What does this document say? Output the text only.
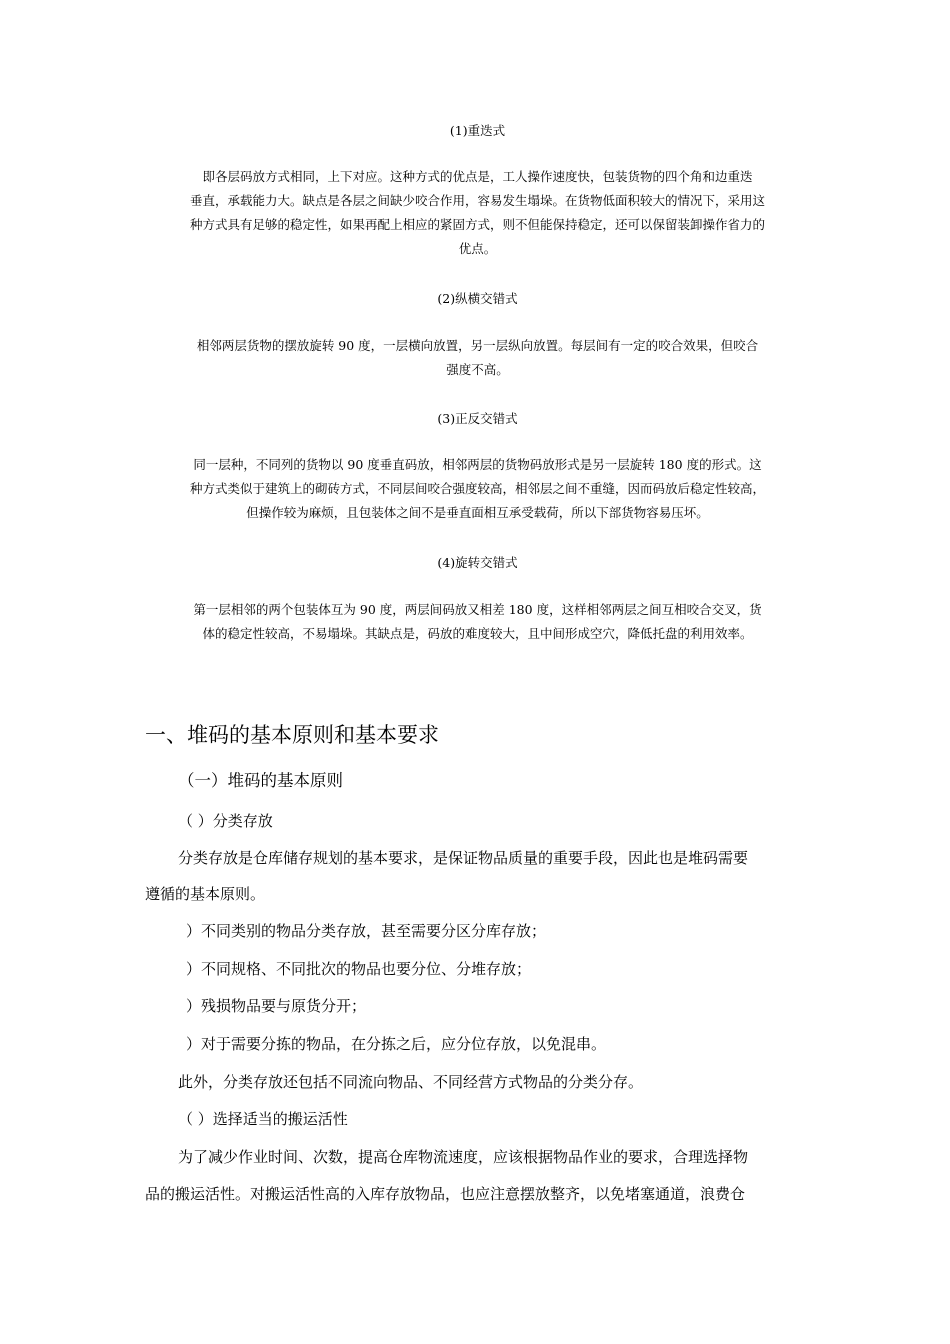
(1)重迭式
即各层码放方式相同，上下对应。这种方式的优点是，工人操作速度快，包装货物的四个角和边重迭
垂直，承载能力大。缺点是各层之间缺少咬合作用，容易发生塌垛。在货物低面积较大的情况下，采用这
种方式具有足够的稳定性，如果再配上相应的紧固方式，则不但能保持稳定，还可以保留装卸操作省力的
优点。
(2)纵横交错式
相邻两层货物的摆放旋转 90 度，一层横向放置，另一层纵向放置。每层间有一定的咬合效果，但咬合
强度不高。
(3)正反交错式
同一层种，不同列的货物以 90 度垂直码放，相邻两层的货物码放形式是另一层旋转 180 度的形式。这
种方式类似于建筑上的砌砖方式，不同层间咬合强度较高，相邻层之间不重缝，因而码放后稳定性较高，
但操作较为麻烦，且包装体之间不是垂直面相互承受载荷，所以下部货物容易压坏。
(4)旋转交错式
第一层相邻的两个包装体互为 90 度，两层间码放又相差 180 度，这样相邻两层之间互相咬合交叉，货
体的稳定性较高，不易塌垛。其缺点是，码放的难度较大，且中间形成空穴，降低托盘的利用效率。
一、堆码的基本原则和基本要求
（一）堆码的基本原则
（ ）分类存放
分类存放是仓库储存规划的基本要求，是保证物品质量的重要手段，因此也是堆码需要
遵循的基本原则。
）不同类别的物品分类存放，甚至需要分区分库存放；
）不同规格、不同批次的物品也要分位、分堆存放；
）残损物品要与原货分开；
）对于需要分拣的物品，在分拣之后，应分位存放，以免混串。
此外，分类存放还包括不同流向物品、不同经营方式物品的分类分存。
（ ）选择适当的搬运活性
为了减少作业时间、次数，提高仓库物流速度，应该根据物品作业的要求，合理选择物
品的搬运活性。对搬运活性高的入库存放物品，也应注意摆放整齐，以免堵塞通道，浪费仓
